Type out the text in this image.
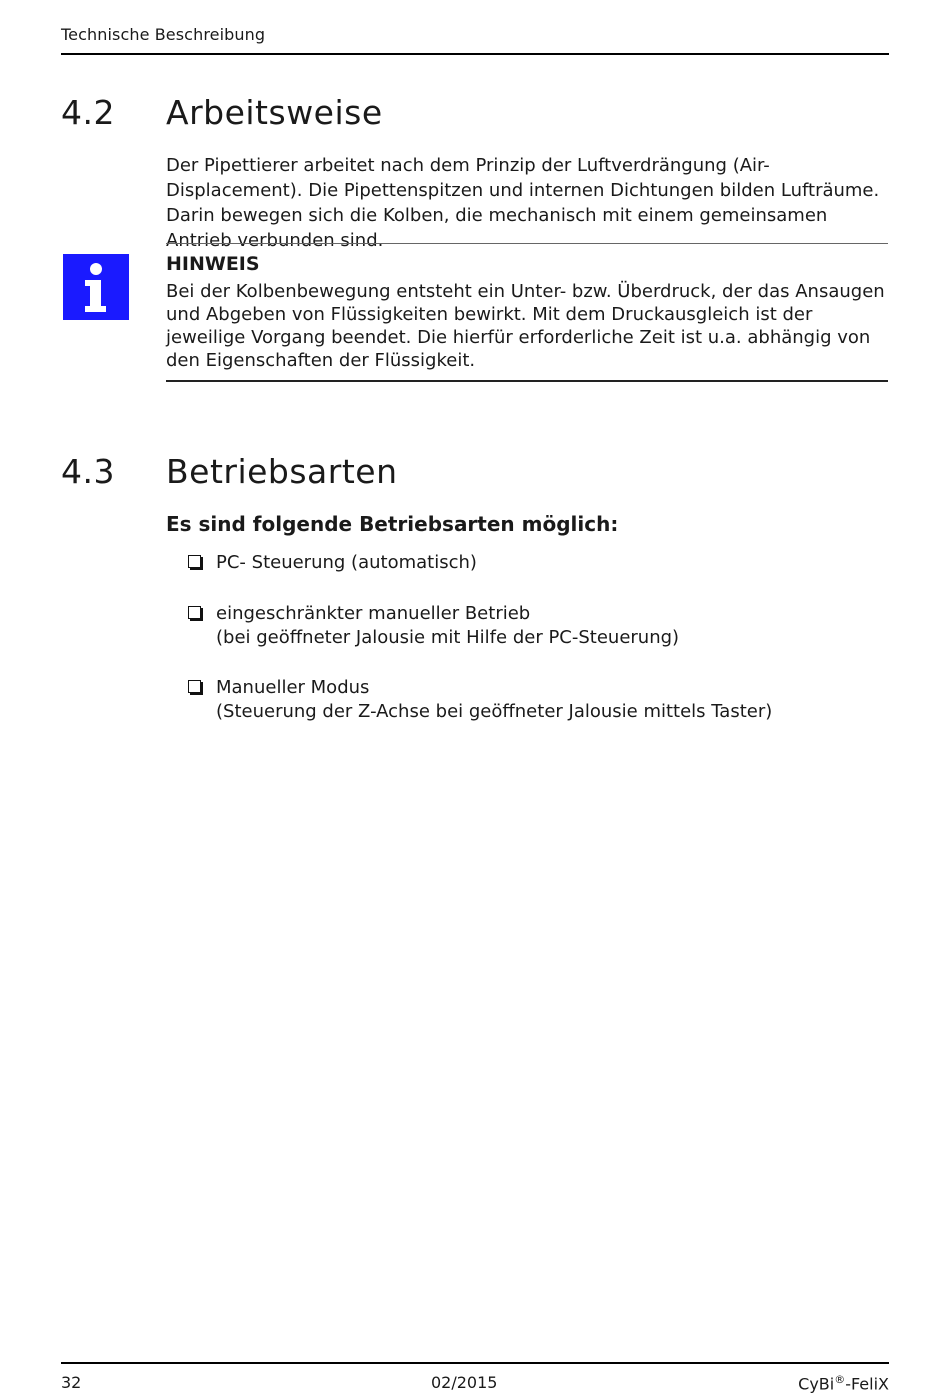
Technische Beschreibung
4.2 Arbeitsweise
Der Pipettierer arbeitet nach dem Prinzip der Luftverdrängung (Air-Displacement). Die Pipettenspitzen und internen Dichtungen bilden Lufträume. Darin bewegen sich die Kolben, die mechanisch mit einem gemeinsamen Antrieb verbunden sind.
HINWEIS
Bei der Kolbenbewegung entsteht ein Unter- bzw. Überdruck, der das Ansaugen und Abgeben von Flüssigkeiten bewirkt. Mit dem Druckausgleich ist der jeweilige Vorgang beendet. Die hierfür erforderliche Zeit ist u.a. abhängig von den Eigenschaften der Flüssigkeit.
4.3 Betriebsarten
Es sind folgende Betriebsarten möglich:
PC- Steuerung (automatisch)
eingeschränkter manueller Betrieb
(bei geöffneter Jalousie mit Hilfe der PC-Steuerung)
Manueller Modus
(Steuerung der Z-Achse bei geöffneter Jalousie mittels Taster)
32	02/2015	CyBi®-FeliX
